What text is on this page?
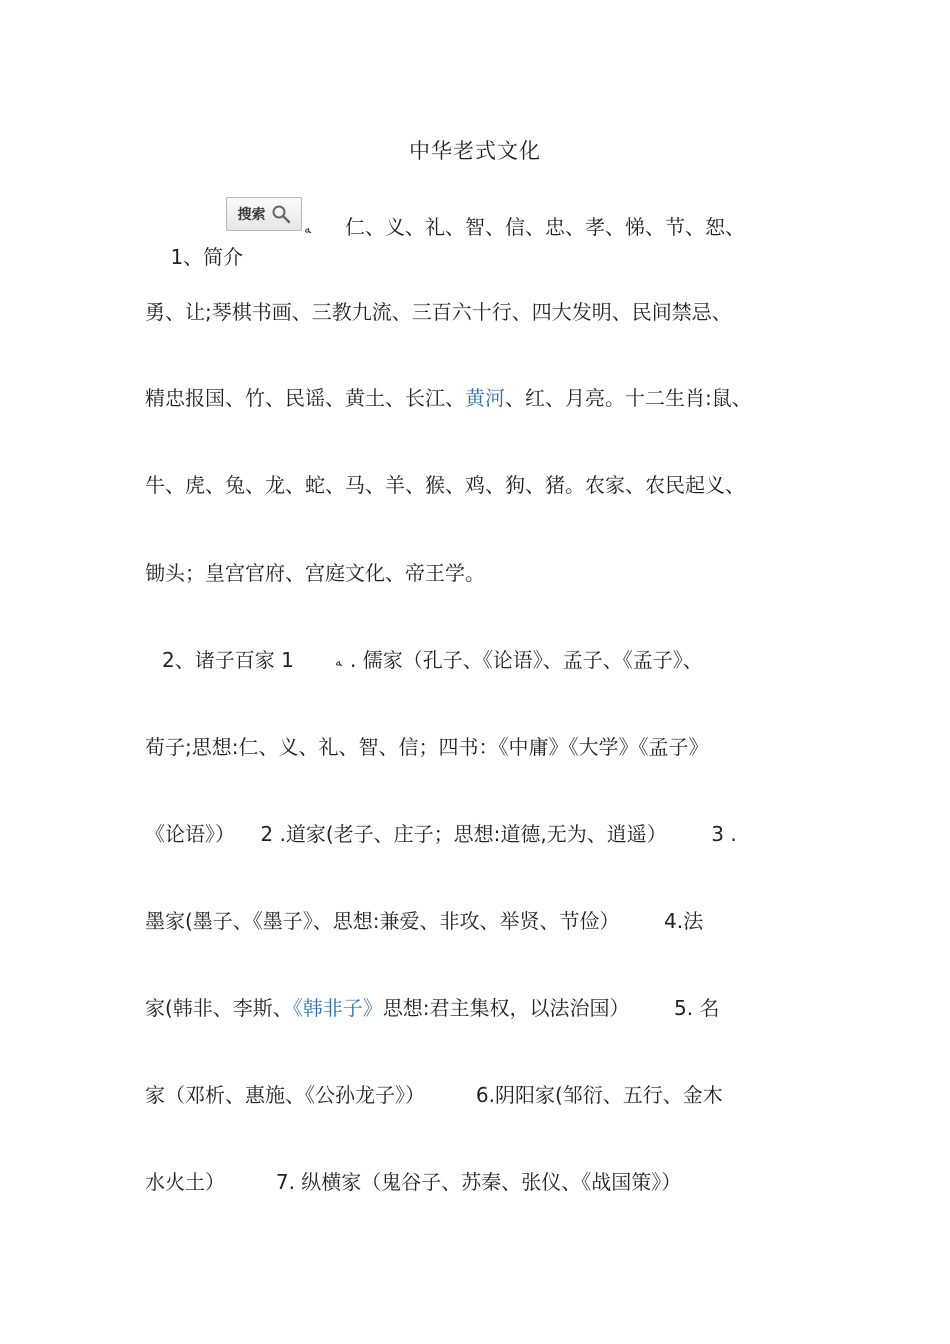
中华老式文化

1、简介

搜索
ﻪ 仁、义、礼、智、信、忠、孝、悌、节、恕、
勇、让;琴棋书画、三教九流、三百六十行、四大发明、民间禁忌、
精忠报国、竹、民谣、黄土、长江、黄河、红、月亮。十二生肖:鼠、
牛、虎、兔、龙、蛇、马、羊、猴、鸡、狗、猪。农家、农民起义、
锄头；皇宫官府、宫庭文化、帝王学。
2、诸子百家 1	ﻪ . 儒家（孔子、《论语》、孟子、《孟子》、
荀子;思想:仁、义、礼、智、信；四书：《中庸》《大学》《孟子》
《论语》）    2 .道家(老子、庄子；思想:道德,无为、逍遥）       3 .
墨家(墨子、《墨子》、思想:兼爱、非攻、举贤、节俭）       4.法
家(韩非、李斯、《韩非子》思想:君主集权，以法治国）       5. 名
家（邓析、惠施、《公孙龙子》）        6.阴阳家(邹衍、五行、金木
水火土）        7. 纵横家（鬼谷子、苏秦、张仪、《战国策》）
